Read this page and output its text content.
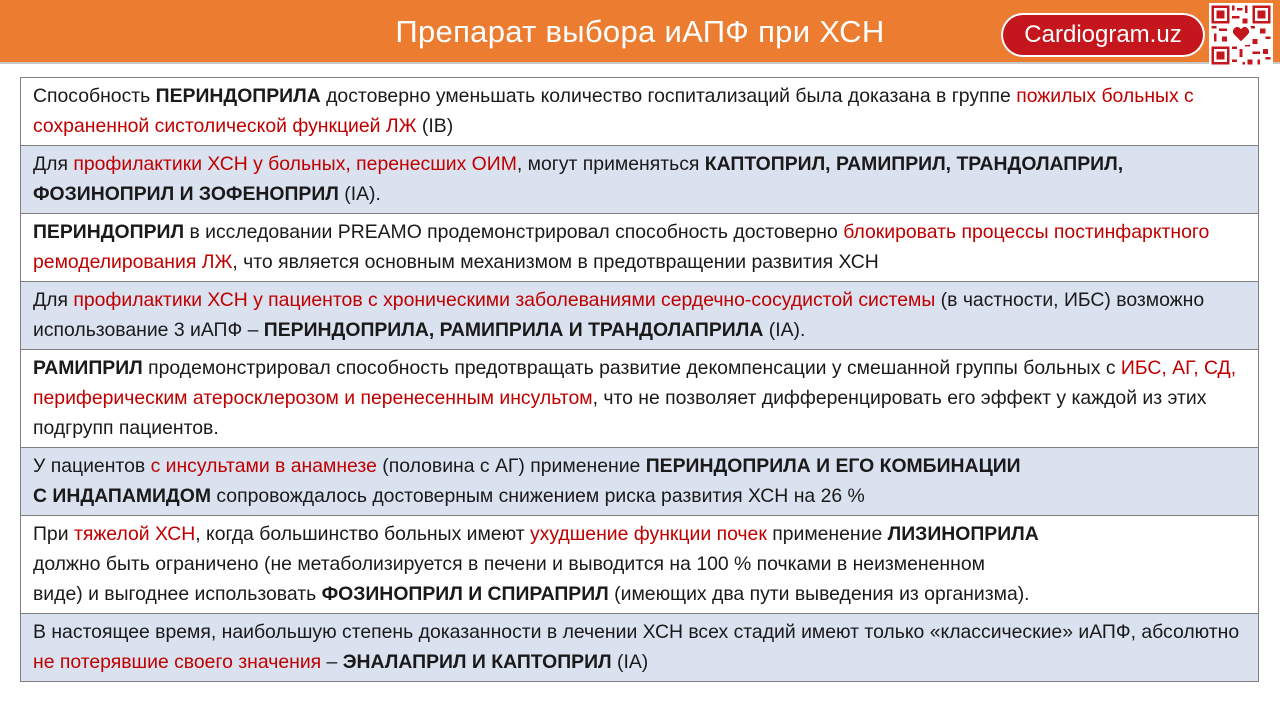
Препарат выбора иАПФ при ХСН	Cardiogram.uz
Способность ПЕРИНДОПРИЛА достоверно уменьшать количество госпитализаций была доказана в группе пожилых больных с сохраненной систолической функцией ЛЖ (IB)
Для профилактики ХСН у больных, перенесших ОИМ, могут применяться КАПТОПРИЛ, РАМИПРИЛ, ТРАНДОЛАПРИЛ, ФОЗИНОПРИЛ И ЗОФЕНОПРИЛ (IA).
ПЕРИНДОПРИЛ в исследовании PREAMO продемонстрировал способность достоверно блокировать процессы постинфарктного ремоделирования ЛЖ, что является основным механизмом в предотвращении развития ХСН
Для профилактики ХСН у пациентов с хроническими заболеваниями сердечно-сосудистой системы (в частности, ИБС) возможно использование 3 иАПФ – ПЕРИНДОПРИЛА, РАМИПРИЛА И ТРАНДОЛАПРИЛА (IA).
РАМИПРИЛ продемонстрировал способность предотвращать развитие декомпенсации у смешанной группы больных с ИБС, АГ, СД, периферическим атеросклерозом и перенесенным инсультом, что не позволяет дифференцировать его эффект у каждой из этих подгрупп пациентов.
У пациентов с инсультами в анамнезе (половина с АГ) применение ПЕРИНДОПРИЛА И ЕГО КОМБИНАЦИИ
С ИНДАПАМИДОМ сопровождалось достоверным снижением риска развития ХСН на 26 %
При тяжелой ХСН, когда большинство больных имеют ухудшение функции почек применение ЛИЗИНОПРИЛА
должно быть ограничено (не метаболизируется в печени и выводится на 100 % почками в неизмененном
виде) и выгоднее использовать ФОЗИНОПРИЛ И СПИРАПРИЛ (имеющих два пути выведения из организма).
В настоящее время, наибольшую степень доказанности в лечении ХСН всех стадий имеют только «классические» иАПФ, абсолютно не потерявшие своего значения – ЭНАЛАПРИЛ И КАПТОПРИЛ (IA)
